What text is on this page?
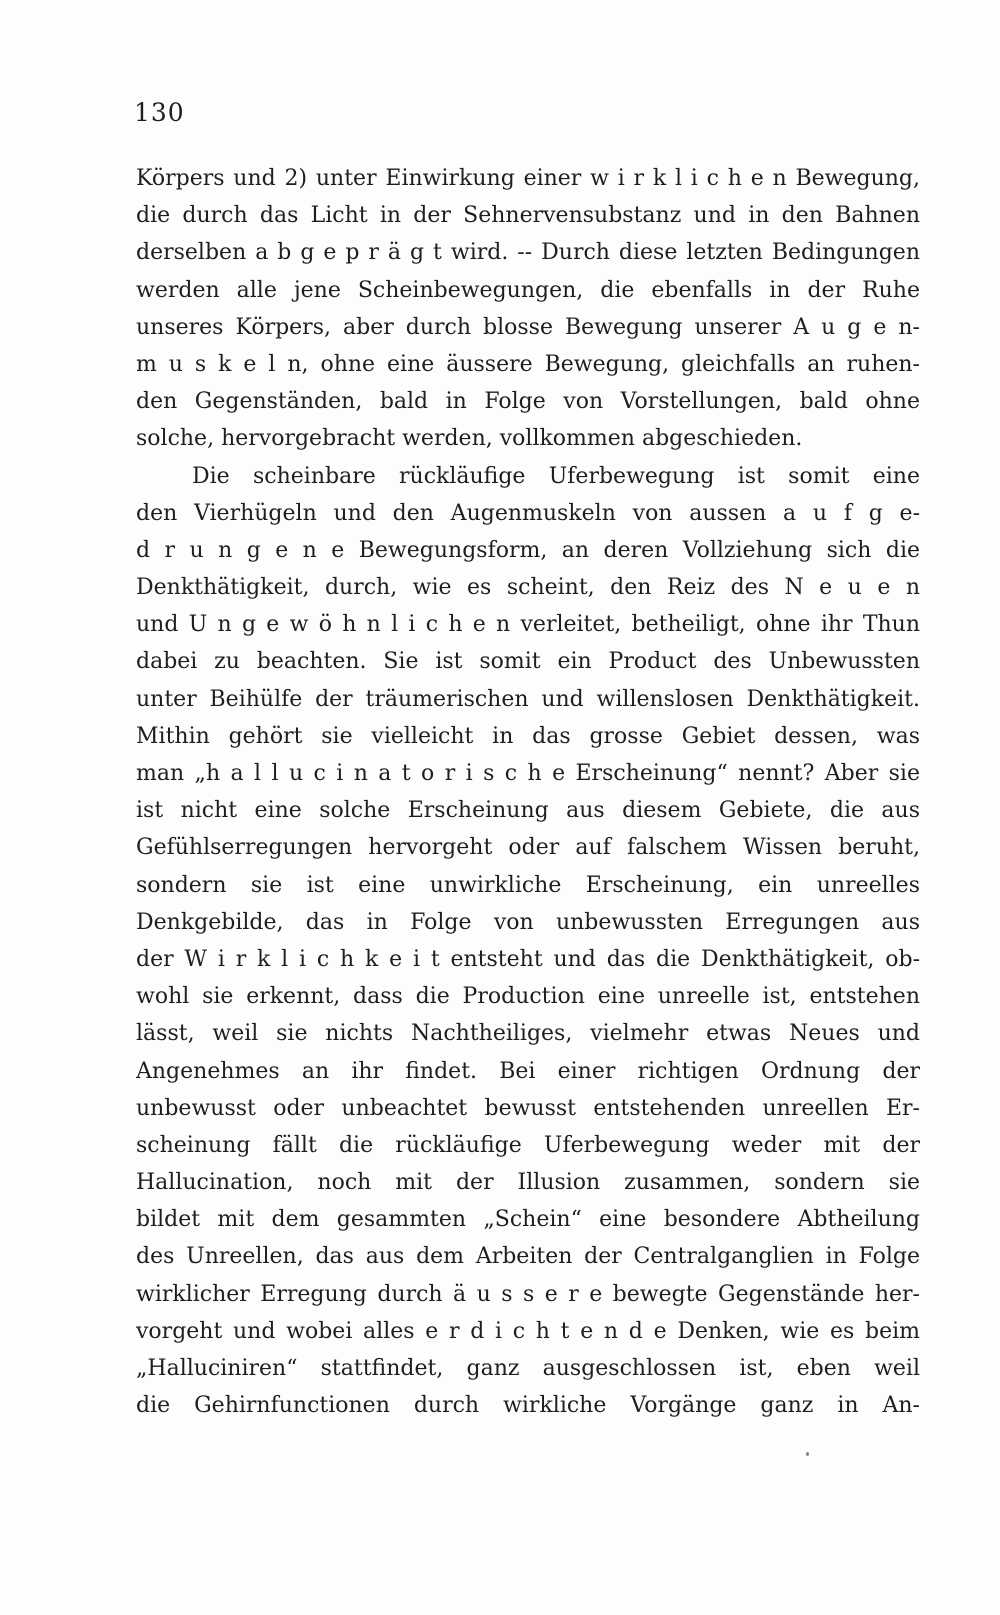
130
Körpers und 2) unter Einwirkung einer w i r k l i c h e n Bewegung,
die durch das Licht in der Sehnervensubstanz und in den Bahnen
derselben a b g e p r ä g t wird. -- Durch diese letzten Bedingungen
werden alle jene Scheinbewegungen, die ebenfalls in der Ruhe
unseres Körpers, aber durch blosse Bewegung unserer A u g e n-
m u s k e l n, ohne eine äussere Bewegung, gleichfalls an ruhen-
den Gegenständen, bald in Folge von Vorstellungen, bald ohne
solche, hervorgebracht werden, vollkommen abgeschieden.
Die scheinbare rückläufige Uferbewegung ist somit eine
den Vierhügeln und den Augenmuskeln von aussen a u f g e-
d r u n g e n e Bewegungsform, an deren Vollziehung sich die
Denkthätigkeit, durch, wie es scheint, den Reiz des N e u e n
und U n g e w ö h n l i c h e n verleitet, betheiligt, ohne ihr Thun
dabei zu beachten. Sie ist somit ein Product des Unbewussten
unter Beihülfe der träumerischen und willenslosen Denkthätigkeit.
Mithin gehört sie vielleicht in das grosse Gebiet dessen, was
man „h a l l u c i n a t o r i s c h e Erscheinung“ nennt? Aber sie
ist nicht eine solche Erscheinung aus diesem Gebiete, die aus
Gefühlserregungen hervorgeht oder auf falschem Wissen beruht,
sondern sie ist eine unwirkliche Erscheinung, ein unreelles
Denkgebilde, das in Folge von unbewussten Erregungen aus
der W i r k l i c h k e i t entsteht und das die Denkthätigkeit, ob-
wohl sie erkennt, dass die Production eine unreelle ist, entstehen
lässt, weil sie nichts Nachtheiliges, vielmehr etwas Neues und
Angenehmes an ihr findet. Bei einer richtigen Ordnung der
unbewusst oder unbeachtet bewusst entstehenden unreellen Er-
scheinung fällt die rückläufige Uferbewegung weder mit der
Hallucination, noch mit der Illusion zusammen, sondern sie
bildet mit dem gesammten „Schein“ eine besondere Abtheilung
des Unreellen, das aus dem Arbeiten der Centralganglien in Folge
wirklicher Erregung durch ä u s s e r e bewegte Gegenstände her-
vorgeht und wobei alles e r d i c h t e n d e Denken, wie es beim
„Halluciniren“ stattfindet, ganz ausgeschlossen ist, eben weil
die Gehirnfunctionen durch wirkliche Vorgänge ganz in An-
